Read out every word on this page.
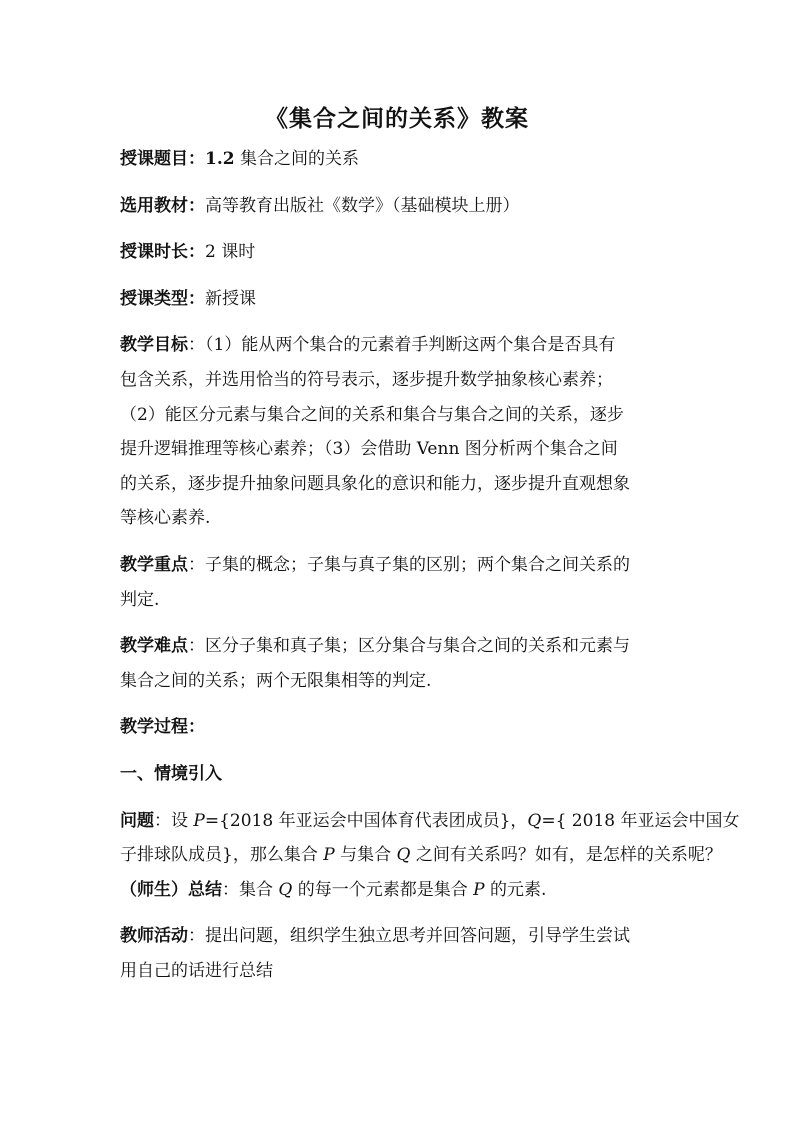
《集合之间的关系》教案
授课题目：1.2 集合之间的关系
选用教材：高等教育出版社《数学》（基础模块上册）
授课时长：2 课时
授课类型：新授课
教学目标：（1）能从两个集合的元素着手判断这两个集合是否具有
包含关系，并选用恰当的符号表示，逐步提升数学抽象核心素养；
（2）能区分元素与集合之间的关系和集合与集合之间的关系，逐步
提升逻辑推理等核心素养；（3）会借助 Venn 图分析两个集合之间
的关系，逐步提升抽象问题具象化的意识和能力，逐步提升直观想象
等核心素养.
教学重点：子集的概念；子集与真子集的区别；两个集合之间关系的
判定.
教学难点：区分子集和真子集；区分集合与集合之间的关系和元素与
集合之间的关系；两个无限集相等的判定.
教学过程：
一、情境引入
问题：设 P={2018 年亚运会中国体育代表团成员}，Q={ 2018 年亚运会中国女
子排球队成员}，那么集合 P 与集合 Q 之间有关系吗？如有，是怎样的关系呢？
（师生）总结：集合 Q 的每一个元素都是集合 P 的元素.
教师活动：提出问题，组织学生独立思考并回答问题，引导学生尝试
用自己的话进行总结
